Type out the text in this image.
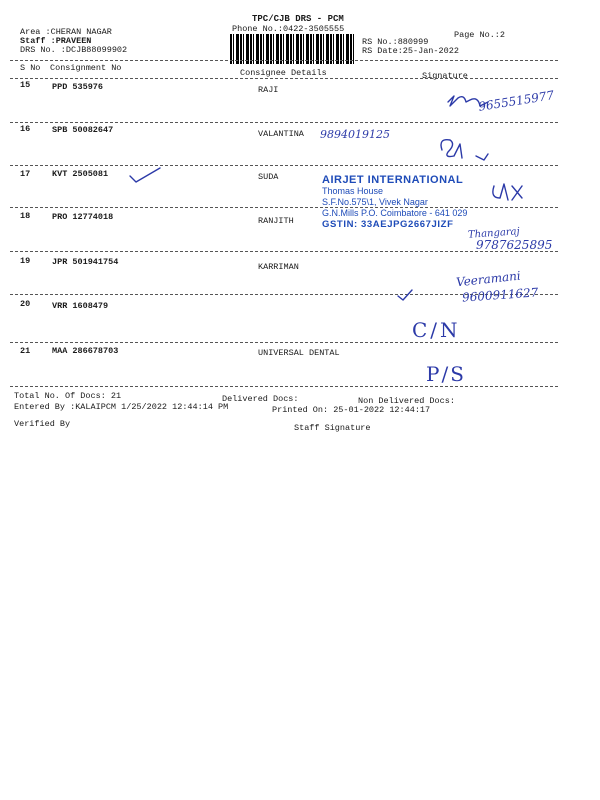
Area :CHERAN NAGAR
Staff :PRAVEEN
DRS No. :DCJB88099902
TPC/CJB DRS - PCM
Phone No.:0422-3505555
Page No.:2
RS No.:880999
RS Date:25-Jan-2022
S No Consignment No	Consignee Details	Signature
15	PPD 535976	RAJI
16	SPB 50082647	VALANTINA
17	KVT 2505081	SUDA
18	PRO 12774018	RANJITH
19	JPR 501941754	KARRIMAN
20	VRR 1608479
21	MAA 286678703	UNIVERSAL DENTAL
AIRJET INTERNATIONAL
Thomas House
S.F.No.575\1, Vivek Nagar
G.N.Mills P.O. Coimbatore - 641 029
GSTIN: 33AEJPG2667JIZF
9655515977
9894019125
Thangaraj
9787625895
Veeramani
9600911627
C/N
P/S
Total No. Of Docs: 21	Delivered Docs:	Non Delivered Docs:
Entered By :KALAIPCM 1/25/2022 12:44:14 PM	Printed On: 25-01-2022 12:44:17
Verified By	Staff Signature
